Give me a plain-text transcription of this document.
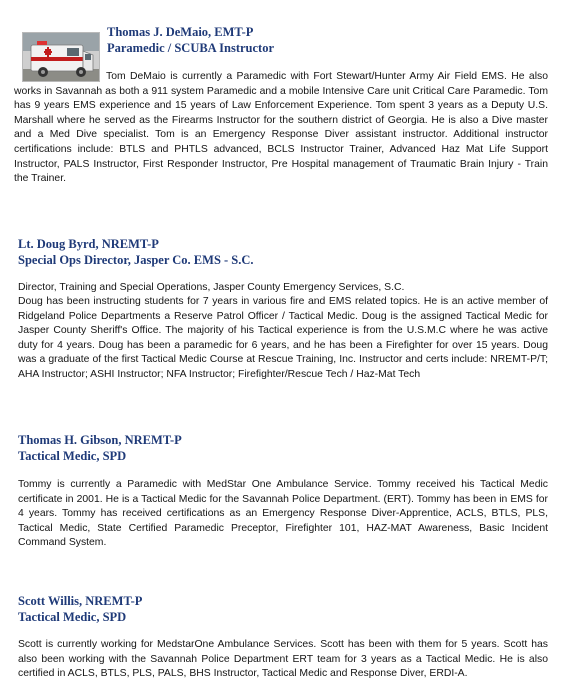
Thomas J. DeMaio, EMT-P

Paramedic / SCUBA Instructor

Tom DeMaio is currently a Paramedic with Fort Stewart/Hunter Army Air Field EMS. He also works in Savannah as both a 911 system Paramedic and a mobile Intensive Care unit Critical Care Paramedic. Tom has 9 years EMS experience and 15 years of Law Enforcement Experience. Tom spent 3 years as a Deputy U.S. Marshall where he served as the Firearms Instructor for the southern district of Georgia. He is also a Dive master and a Med Dive specialist. Tom is an Emergency Response Diver assistant instructor. Additional instructor certifications include: BTLS and PHTLS advanced, BCLS Instructor Trainer, Advanced Haz Mat Life Support Instructor, PALS Instructor, First Responder Instructor, Pre Hospital management of Traumatic Brain Injury - Train the Trainer.

Lt. Doug Byrd, NREMT-P

Special Ops Director, Jasper Co. EMS - S.C.

Director, Training and Special Operations, Jasper County Emergency Services, S.C.

Doug has been instructing students for 7 years in various fire and EMS related topics. He is an active member of Ridgeland Police Departments a Reserve Patrol Officer / Tactical Medic. Doug is the assigned Tactical Medic for Jasper County Sheriff's Office. The majority of his Tactical experience is from the U.S.M.C where he was active duty for 4 years. Doug has been a paramedic for 6 years, and he has been a Firefighter for over 15 years. Doug was a graduate of the first Tactical Medic Course at Rescue Training, Inc. Instructor and certs include: NREMT-P/T; AHA Instructor; ASHI Instructor; NFA Instructor; Firefighter/Rescue Tech / Haz-Mat Tech

Thomas H. Gibson, NREMT-P

Tactical Medic, SPD

Tommy is currently a Paramedic with MedStar One Ambulance Service. Tommy received his Tactical Medic certificate in 2001. He is a Tactical Medic for the Savannah Police Department. (ERT). Tommy has been in EMS for 4 years. Tommy has received certifications as an Emergency Response Diver-Apprentice, ACLS, BTLS, PLS, Tactical Medic, State Certified Paramedic Preceptor, Firefighter 101, HAZ-MAT Awareness, Basic Incident Command System.

Scott Willis, NREMT-P

Tactical Medic, SPD

Scott is currently working for MedstarOne Ambulance Services. Scott has been with them for 5 years. Scott has also been working with the Savannah Police Department ERT team for 3 years as a Tactical Medic. He is also certified in ACLS, BTLS, PLS, PALS, BHS Instructor, Tactical Medic and Response Diver, ERDI-A.
